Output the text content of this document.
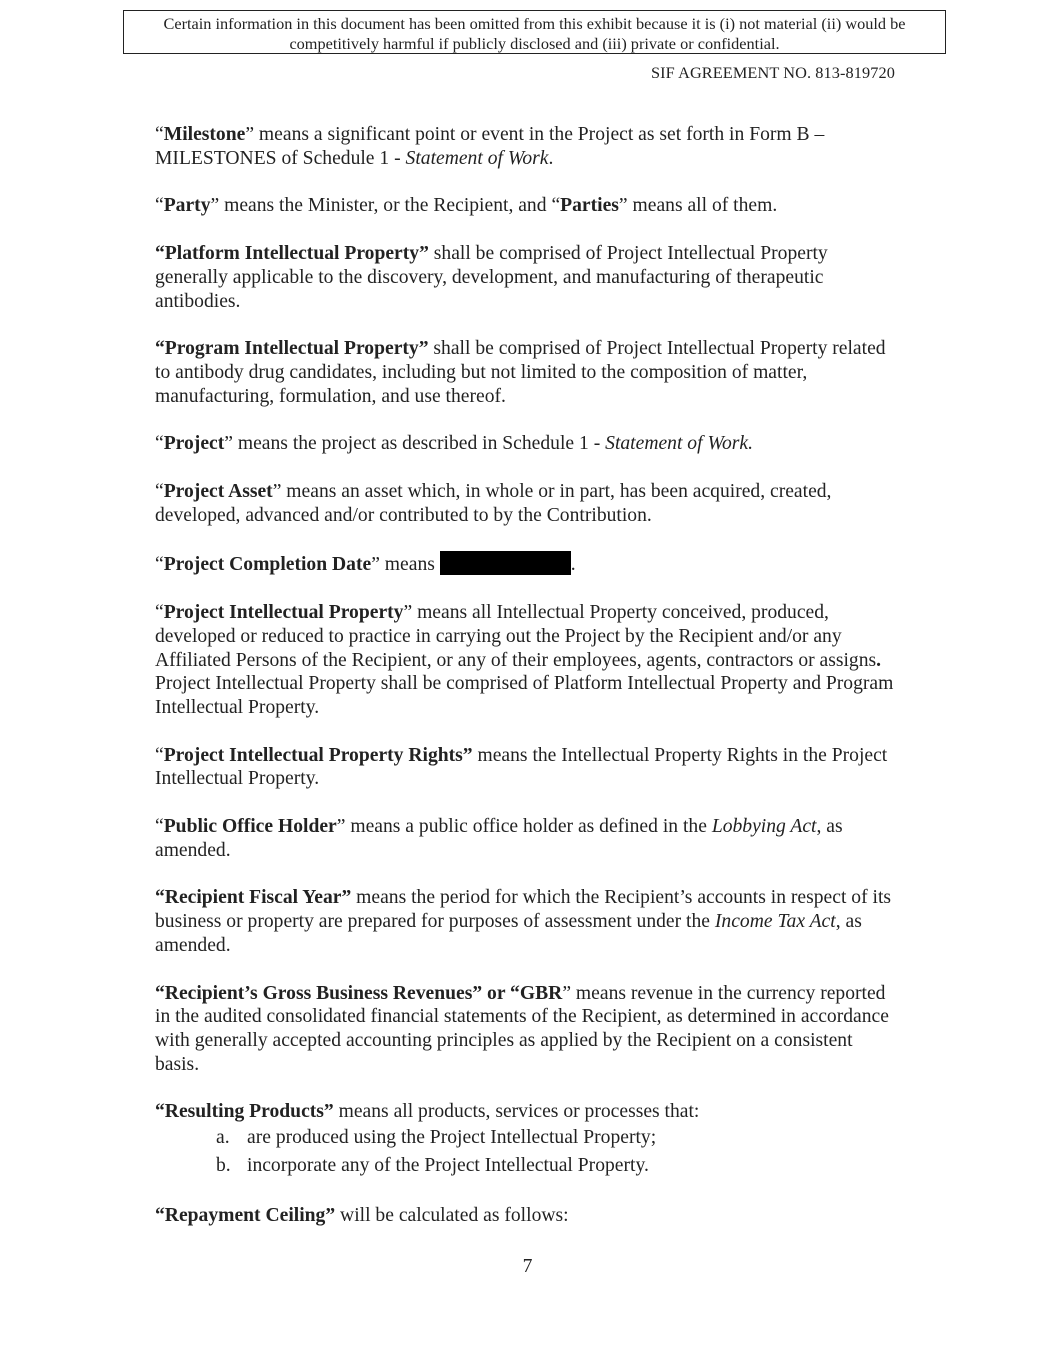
Certain information in this document has been omitted from this exhibit because it is (i) not material (ii) would be
competitively harmful if publicly disclosed and (iii) private or confidential.
SIF AGREEMENT NO. 813-819720

“Milestone” means a significant point or event in the Project as set forth in Form B – MILESTONES of Schedule 1 - Statement of Work.

“Party” means the Minister, or the Recipient, and “Parties” means all of them.

“Platform Intellectual Property” shall be comprised of Project Intellectual Property generally applicable to the discovery, development, and manufacturing of therapeutic antibodies.

“Program Intellectual Property” shall be comprised of Project Intellectual Property related to antibody drug candidates, including but not limited to the composition of matter, manufacturing, formulation, and use thereof.

“Project” means the project as described in Schedule 1 - Statement of Work.

“Project Asset” means an asset which, in whole or in part, has been acquired, created, developed, advanced and/or contributed to by the Contribution.

“Project Completion Date” means	.

“Project Intellectual Property” means all Intellectual Property conceived, produced, developed or reduced to practice in carrying out the Project by the Recipient and/or any Affiliated Persons of the Recipient, or any of their employees, agents, contractors or assigns. Project Intellectual Property shall be comprised of Platform Intellectual Property and Program Intellectual Property.

“Project Intellectual Property Rights” means the Intellectual Property Rights in the Project Intellectual Property.

“Public Office Holder” means a public office holder as defined in the Lobbying Act, as amended.

“Recipient Fiscal Year” means the period for which the Recipient’s accounts in respect of its business or property are prepared for purposes of assessment under the Income Tax Act, as amended.

“Recipient’s Gross Business Revenues” or “GBR” means revenue in the currency reported in the audited consolidated financial statements of the Recipient, as determined in accordance with generally accepted accounting principles as applied by the Recipient on a consistent basis.

“Resulting Products” means all products, services or processes that:
a. are produced using the Project Intellectual Property;
b. incorporate any of the Project Intellectual Property.

“Repayment Ceiling” will be calculated as follows:

7
